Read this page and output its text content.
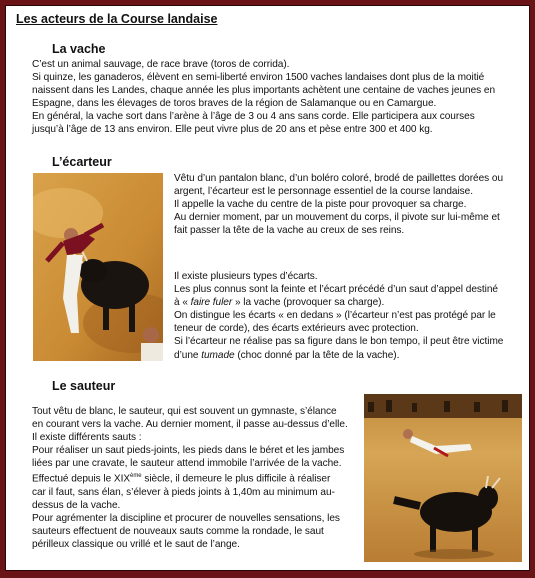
Les acteurs de la Course landaise
La vache

C’est un animal sauvage, de race brave (toros de corrida).

Si quinze, les ganaderos, élèvent en semi-liberté environ 1500 vaches landaises dont plus de la moitié

naissent dans les Landes, chaque année les plus importants achètent une centaine de vaches jeunes en

Espagne, dans les élevages de toros braves de la région de Salamanque ou en Camargue.

En général, la vache sort dans l’arène à l’âge de 3 ou 4 ans sans corde. Elle participera aux courses

jusqu’à l’âge de 13 ans environ. Elle peut vivre plus de 20 ans et pèse entre 300 et 400 kg.

L’écarteur

Vêtu d’un pantalon blanc, d’un boléro coloré, brodé de paillettes dorées ou

argent, l’écarteur est le personnage essentiel de la course landaise.

Il appelle la vache du centre de la piste pour provoquer sa charge.

Au dernier moment, par un mouvement du corps, il pivote sur lui-même et

fait passer la tête de la vache au creux de ses reins.

Il existe plusieurs types d’écarts.

Les plus connus sont la feinte et l’écart précédé d’un saut d’appel destiné

à « faire fuler » la vache (provoquer sa charge).

On distingue les écarts « en dedans » (l’écarteur n’est pas protégé par le

teneur de corde), des écarts extérieurs avec protection.

Si l’écarteur ne réalise pas sa figure dans le bon tempo, il peut être victime

d’une tumade (choc donné par la tête de la vache).

Le sauteur

Tout vêtu de blanc, le sauteur, qui est souvent un gymnaste, s’élance

en courant vers la vache. Au dernier moment, il passe au-dessus d’elle.

Il existe différents sauts :

Pour réaliser un saut pieds-joints, les pieds dans le béret et les jambes

liées par une cravate, le sauteur attend immobile l’arrivée de la vache.

Effectué depuis le XIXème siècle, il demeure le plus difficile à réaliser

car il faut, sans élan, s’élever à pieds joints à 1,40m au minimum au-

dessus de la vache.

Pour agrémenter la discipline et procurer de nouvelles sensations, les

sauteurs effectuent de nouveaux sauts comme la rondade, le saut

périlleux classique ou vrillé et le saut de l’ange.
